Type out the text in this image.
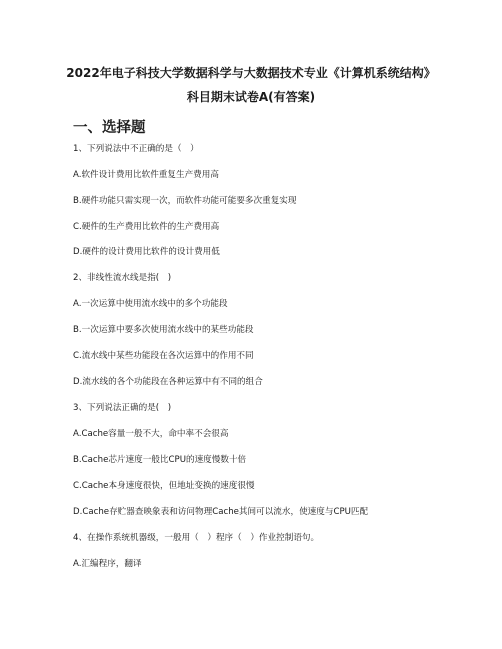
2022年电子科技大学数据科学与大数据技术专业《计算机系统结构》
科目期末试卷A(有答案)
一、选择题
1、下列说法中不正确的是（　）
A.软件设计费用比软件重复生产费用高
B.硬件功能只需实现一次，而软件功能可能要多次重复实现
C.硬件的生产费用比软件的生产费用高
D.硬件的设计费用比软件的设计费用低
2、非线性流水线是指(　)
A.一次运算中使用流水线中的多个功能段
B.一次运算中要多次使用流水线中的某些功能段
C.流水线中某些功能段在各次运算中的作用不同
D.流水线的各个功能段在各种运算中有不同的组合
3、下列说法正确的是(　)
A.Cache容量一般不大，命中率不会很高
B.Cache芯片速度一般比CPU的速度慢数十倍
C.Cache本身速度很快，但地址变换的速度很慢
D.Cache存贮器查映象表和访问物理Cache其间可以流水，使速度与CPU匹配
4、在操作系统机器级，一般用（　）程序（　）作业控制语句。
A.汇编程序，翻译
